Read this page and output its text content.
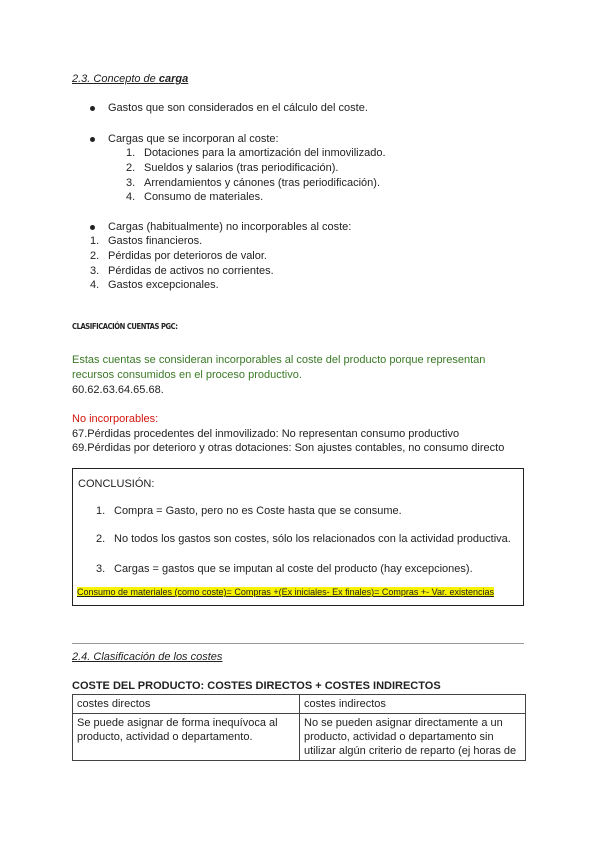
2.3. Concepto de carga
Gastos que son considerados en el cálculo del coste.
Cargas que se incorporan al coste:
1. Dotaciones para la amortización del inmovilizado.
2. Sueldos y salarios (tras periodificación).
3. Arrendamientos y cánones (tras periodificación).
4. Consumo de materiales.
Cargas (habitualmente) no incorporables al coste:
1. Gastos financieros.
2. Pérdidas por deterioros de valor.
3. Pérdidas de activos no corrientes.
4. Gastos excepcionales.
CLASIFICACIÓN CUENTAS PGC:
Estas cuentas se consideran incorporables al coste del producto porque representan
recursos consumidos en el proceso productivo.
60.62.63.64.65.68.
No incorporables:
67.Pérdidas procedentes del inmovilizado: No representan consumo productivo
69.Pérdidas por deterioro y otras dotaciones: Son ajustes contables, no consumo directo
CONCLUSIÓN:
1. Compra = Gasto, pero no es Coste hasta que se consume.
2. No todos los gastos son costes, sólo los relacionados con la actividad productiva.
3. Cargas = gastos que se imputan al coste del producto (hay excepciones).
Consumo de materiales (como coste)= Compras +(Ex iniciales- Ex finales)= Compras +- Var. existencias
2.4. Clasificación de los costes
COSTE DEL PRODUCTO: COSTES DIRECTOS + COSTES INDIRECTOS
costes directos	costes indirectos
Se puede asignar de forma inequívoca al producto, actividad o departamento.	No se pueden asignar directamente a un producto, actividad o departamento sin utilizar algún criterio de reparto (ej horas de
